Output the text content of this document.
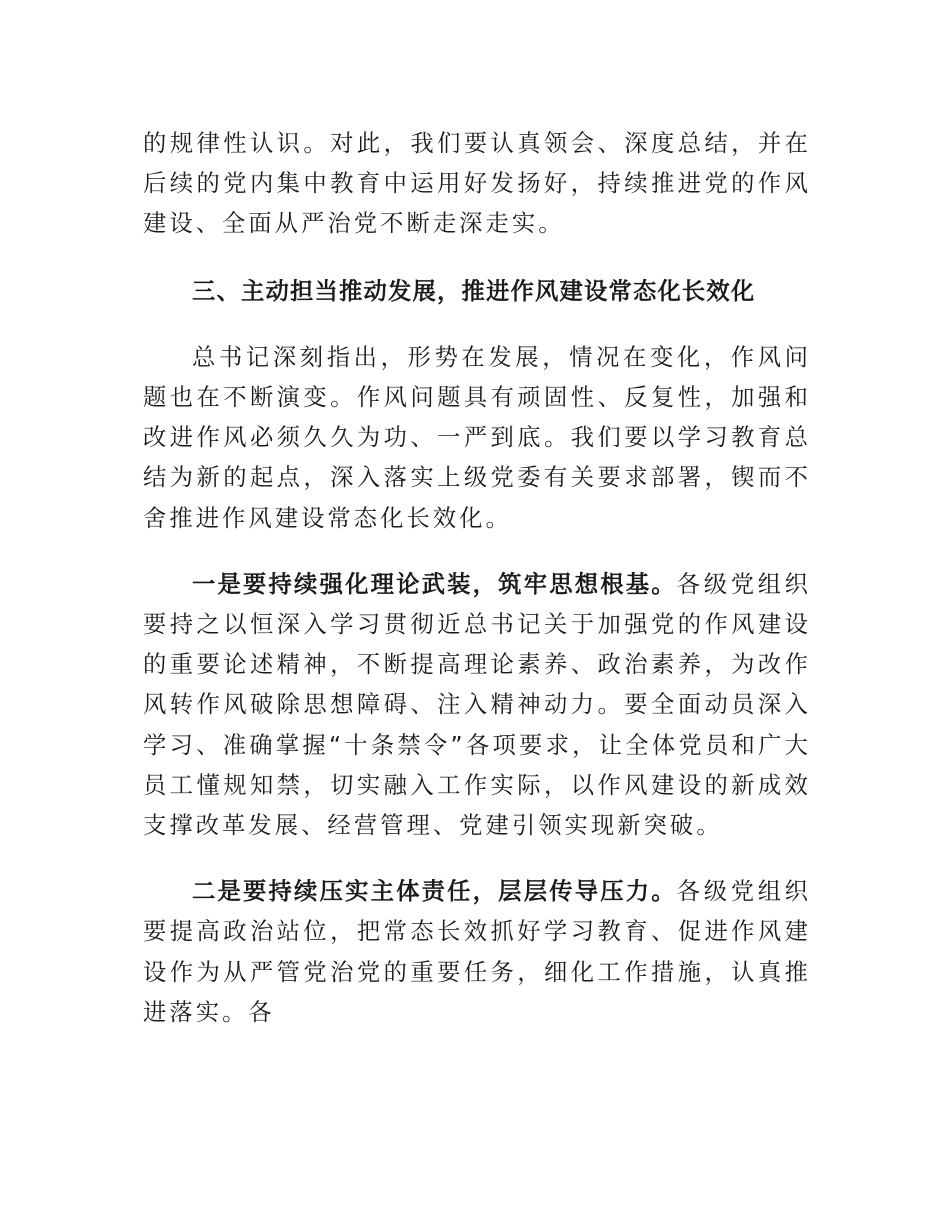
的规律性认识。对此，我们要认真领会、深度总结，并在后续的党内集中教育中运用好发扬好，持续推进党的作风建设、全面从严治党不断走深走实。

三、主动担当推动发展，推进作风建设常态化长效化

总书记深刻指出，形势在发展，情况在变化，作风问题也在不断演变。作风问题具有顽固性、反复性，加强和改进作风必须久久为功、一严到底。我们要以学习教育总结为新的起点，深入落实上级党委有关要求部署，锲而不舍推进作风建设常态化长效化。

一是要持续强化理论武装，筑牢思想根基。各级党组织要持之以恒深入学习贯彻近总书记关于加强党的作风建设的重要论述精神，不断提高理论素养、政治素养，为改作风转作风破除思想障碍、注入精神动力。要全面动员深入学习、准确掌握“十条禁令”各项要求，让全体党员和广大员工懂规知禁，切实融入工作实际，以作风建设的新成效支撑改革发展、经营管理、党建引领实现新突破。

二是要持续压实主体责任，层层传导压力。各级党组织要提高政治站位，把常态长效抓好学习教育、促进作风建设作为从严管党治党的重要任务，细化工作措施，认真推进落实。各
